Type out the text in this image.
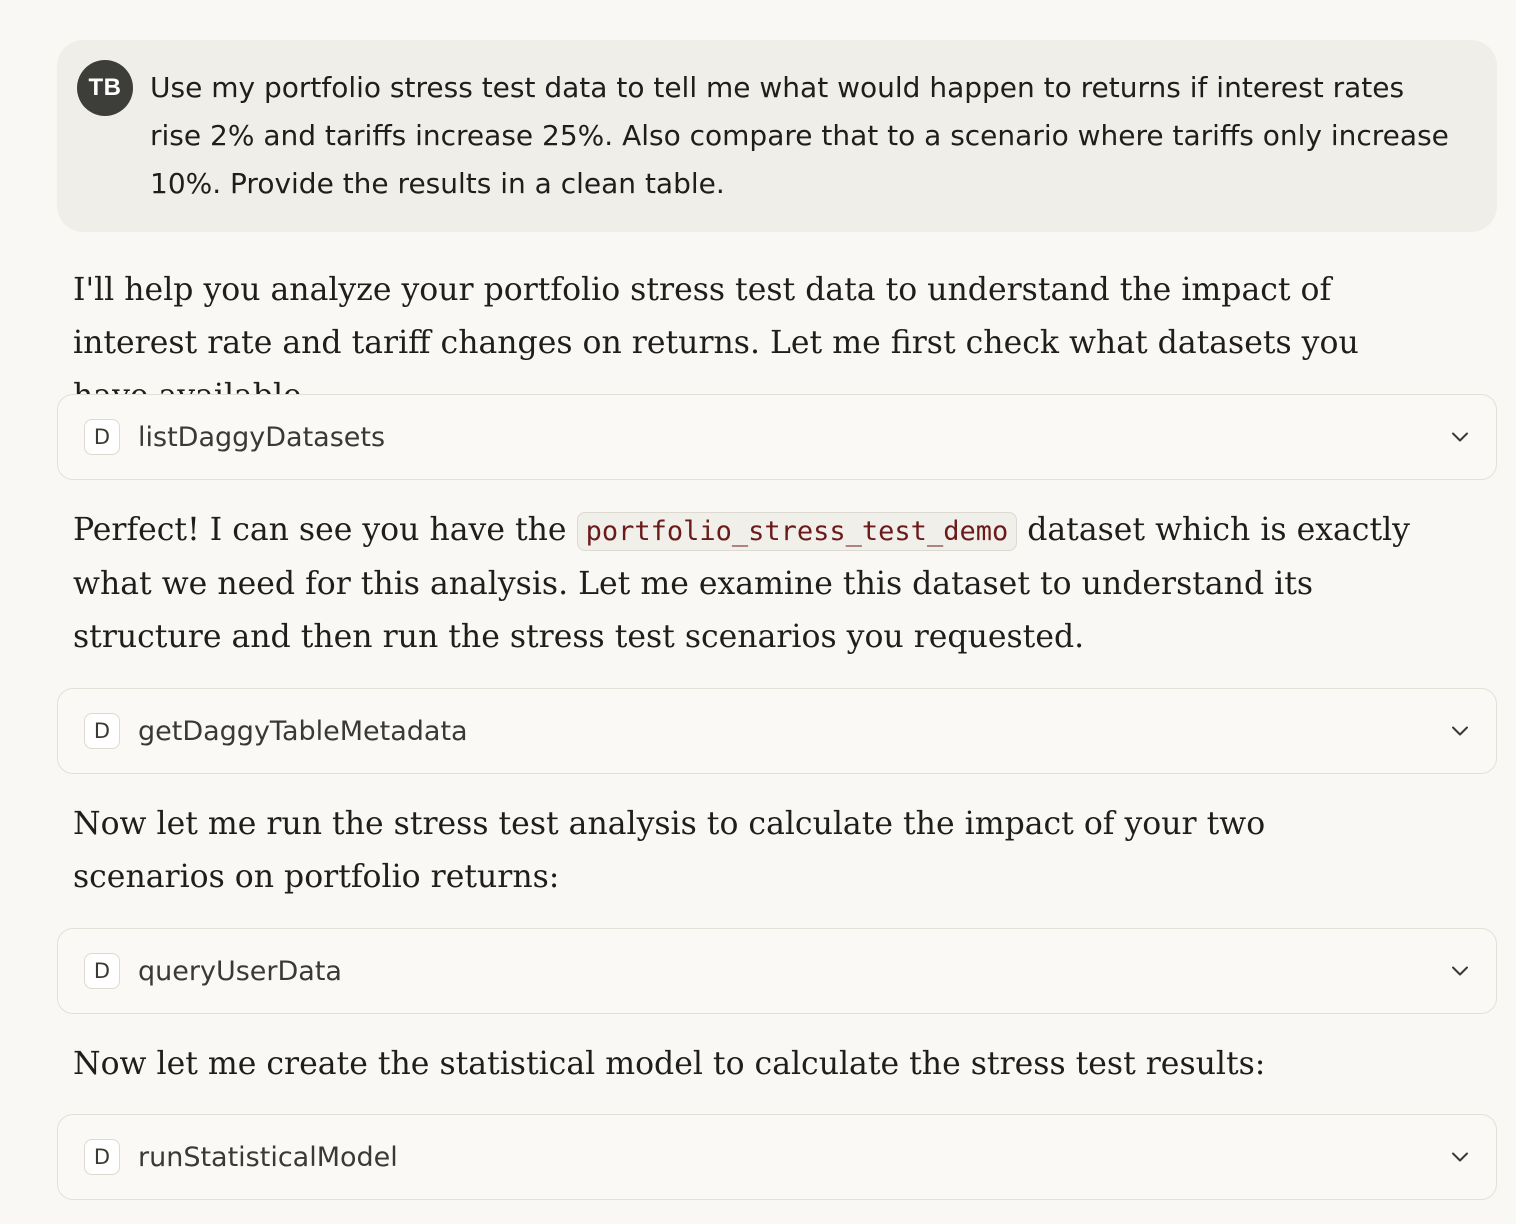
TB	Use my portfolio stress test data to tell me what would happen to returns if interest rates rise 2% and tariffs increase 25%. Also compare that to a scenario where tariffs only increase 10%. Provide the results in a clean table.

I'll help you analyze your portfolio stress test data to understand the impact of interest rate and tariff changes on returns. Let me first check what datasets you

D	listDaggyDatasets

Perfect! I can see you have the portfolio_stress_test_demo dataset which is exactly what we need for this analysis. Let me examine this dataset to understand its structure and then run the stress test scenarios you requested.

D	getDaggyTableMetadata

Now let me run the stress test analysis to calculate the impact of your two scenarios on portfolio returns:

D	queryUserData

Now let me create the statistical model to calculate the stress test results:

D	runStatisticalModel
